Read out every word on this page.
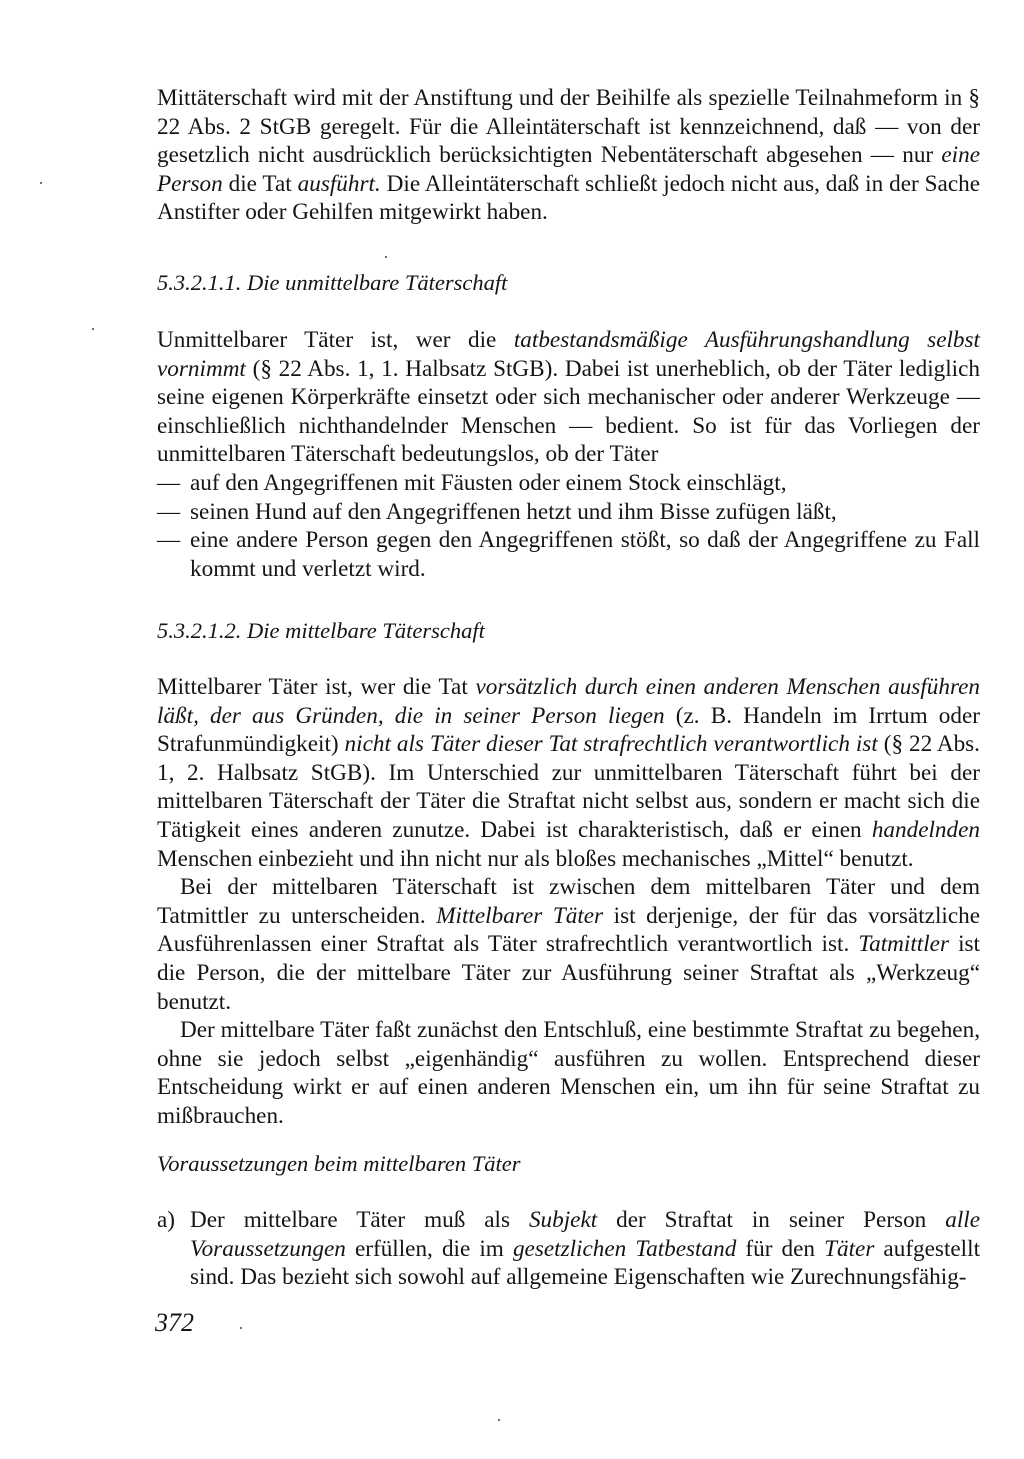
Mittäterschaft wird mit der Anstiftung und der Beihilfe als spezielle Teilnahmeform in § 22 Abs. 2 StGB geregelt. Für die Alleintäterschaft ist kennzeichnend, daß — von der gesetzlich nicht ausdrücklich berücksichtigten Nebentäterschaft abgesehen — nur eine Person die Tat ausführt. Die Alleintäterschaft schließt jedoch nicht aus, daß in der Sache Anstifter oder Gehilfen mitgewirkt haben.

5.3.2.1.1. Die unmittelbare Täterschaft

Unmittelbarer Täter ist, wer die tatbestandsmäßige Ausführungshandlung selbst vornimmt (§ 22 Abs. 1, 1. Halbsatz StGB). Dabei ist unerheblich, ob der Täter lediglich seine eigenen Körperkräfte einsetzt oder sich mechanischer oder anderer Werkzeuge — einschließlich nichthandelnder Menschen — bedient. So ist für das Vorliegen der unmittelbaren Täterschaft bedeutungslos, ob der Täter

— auf den Angegriffenen mit Fäusten oder einem Stock einschlägt,
— seinen Hund auf den Angegriffenen hetzt und ihm Bisse zufügen läßt,
— eine andere Person gegen den Angegriffenen stößt, so daß der Angegriffene zu Fall kommt und verletzt wird.

5.3.2.1.2. Die mittelbare Täterschaft

Mittelbarer Täter ist, wer die Tat vorsätzlich durch einen anderen Menschen ausführen läßt, der aus Gründen, die in seiner Person liegen (z. B. Handeln im Irrtum oder Strafunmündigkeit) nicht als Täter dieser Tat strafrechtlich verantwortlich ist (§ 22 Abs. 1, 2. Halbsatz StGB). Im Unterschied zur unmittelbaren Täterschaft führt bei der mittelbaren Täterschaft der Täter die Straftat nicht selbst aus, sondern er macht sich die Tätigkeit eines anderen zunutze. Dabei ist charakteristisch, daß er einen handelnden Menschen einbezieht und ihn nicht nur als bloßes mechanisches „Mittel“ benutzt.

Bei der mittelbaren Täterschaft ist zwischen dem mittelbaren Täter und dem Tatmittler zu unterscheiden. Mittelbarer Täter ist derjenige, der für das vorsätzliche Ausführenlassen einer Straftat als Täter strafrechtlich verantwortlich ist. Tatmittler ist die Person, die der mittelbare Täter zur Ausführung seiner Straftat als „Werkzeug“ benutzt.

Der mittelbare Täter faßt zunächst den Entschluß, eine bestimmte Straftat zu begehen, ohne sie jedoch selbst „eigenhändig“ ausführen zu wollen. Entsprechend dieser Entscheidung wirkt er auf einen anderen Menschen ein, um ihn für seine Straftat zu mißbrauchen.

Voraussetzungen beim mittelbaren Täter

a) Der mittelbare Täter muß als Subjekt der Straftat in seiner Person alle Voraussetzungen erfüllen, die im gesetzlichen Tatbestand für den Täter aufgestellt sind. Das bezieht sich sowohl auf allgemeine Eigenschaften wie Zurechnungsfähig-

372
